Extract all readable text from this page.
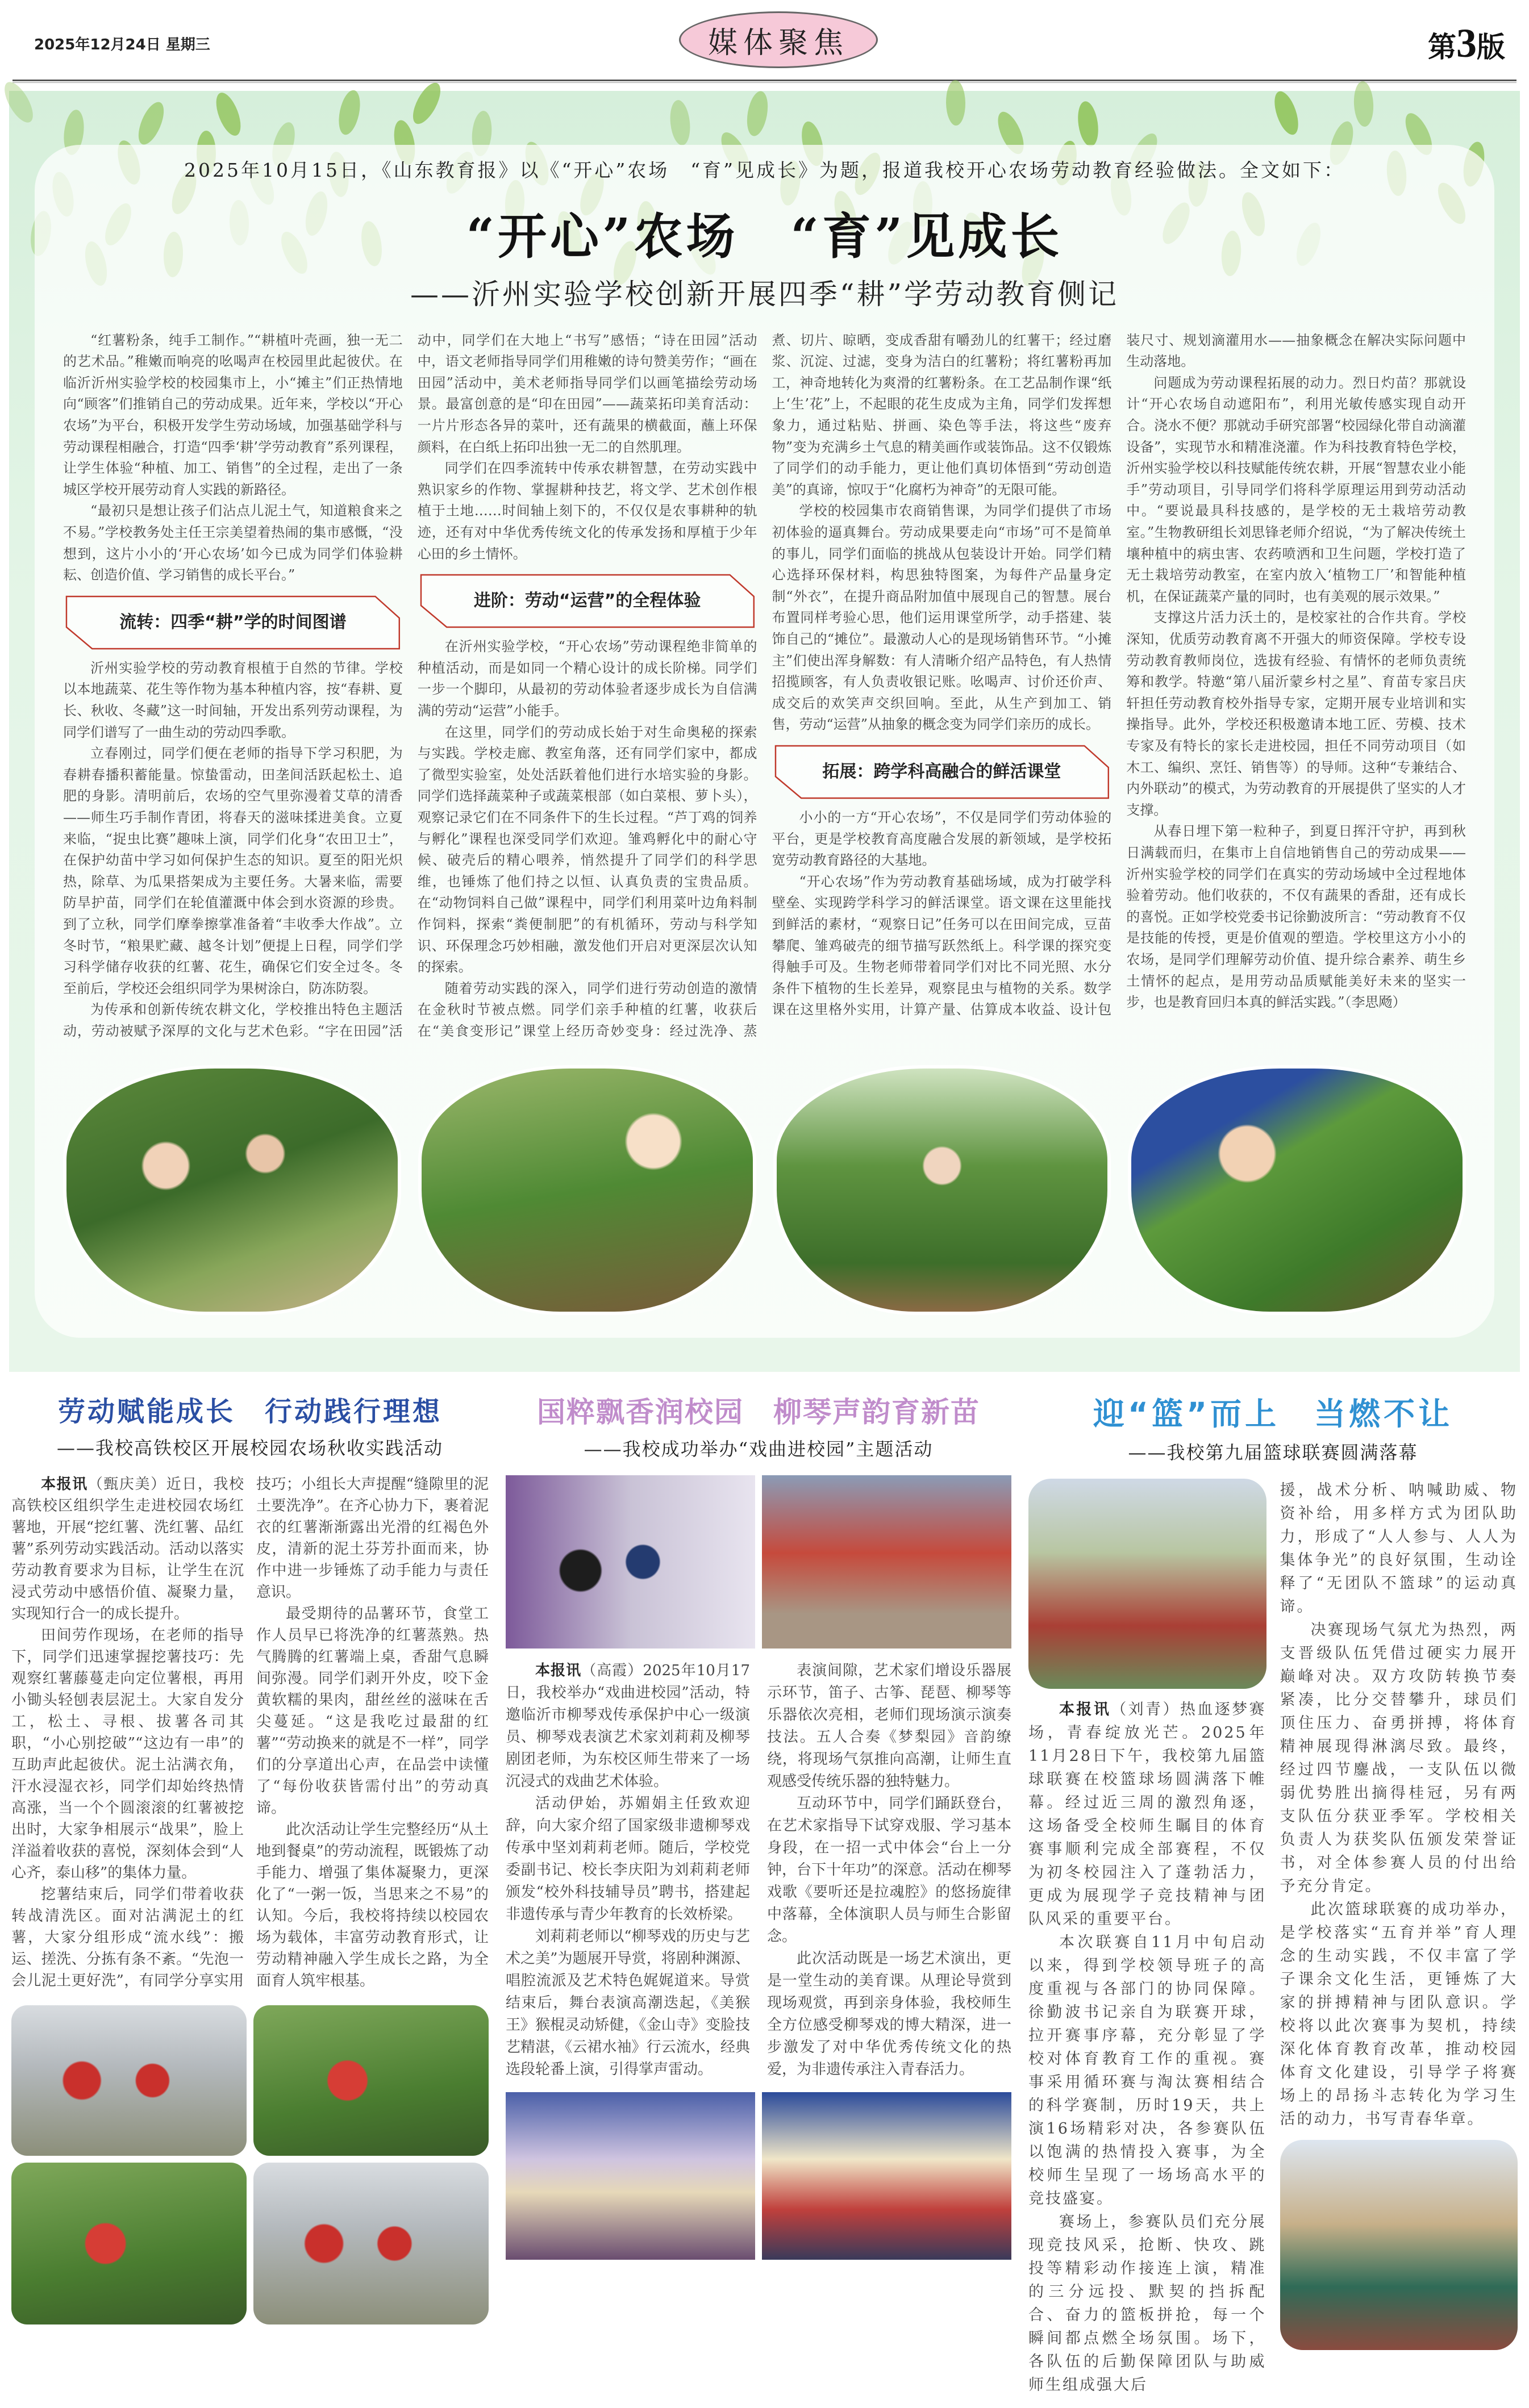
2025年12月24日 星期三	媒体聚焦	第3版
2025年10月15日，《山东教育报》以《“开心”农场　“育”见成长》为题，报道我校开心农场劳动教育经验做法。全文如下：
“开心”农场　“育”见成长
——沂州实验学校创新开展四季“耕”学劳动教育侧记

“红薯粉条，纯手工制作。”“耕植叶壳画，独一无二的艺术品。”稚嫩而响亮的吆喝声在校园里此起彼伏。在临沂沂州实验学校的校园集市上，小“摊主”们正热情地向“顾客”们推销自己的劳动成果。近年来，学校以“开心农场”为平台，积极开发学生劳动场域，加强基础学科与劳动课程相融合，打造“四季‘耕’学劳动教育”系列课程，让学生体验“种植、加工、销售”的全过程，走出了一条城区学校开展劳动育人实践的新路径。

“最初只是想让孩子们沾点儿泥土气，知道粮食来之不易。”学校教务处主任王宗美望着热闹的集市感慨，“没想到，这片小小的‘开心农场’如今已成为同学们体验耕耘、创造价值、学习销售的成长平台。”

流转：四季“耕”学的时间图谱

沂州实验学校的劳动教育根植于自然的节律。学校以本地蔬菜、花生等作物为基本种植内容，按“春耕、夏长、秋收、冬藏”这一时间轴，开发出系列劳动课程，为同学们谱写了一曲生动的劳动四季歌。

立春刚过，同学们便在老师的指导下学习积肥，为春耕春播积蓄能量。惊蛰雷动，田垄间活跃起松土、追肥的身影。清明前后，农场的空气里弥漫着艾草的清香——师生巧手制作青团，将春天的滋味揉进美食。立夏来临，“捉虫比赛”趣味上演，同学们化身“农田卫士”，在保护幼苗中学习如何保护生态的知识。夏至的阳光炽热，除草、为瓜果搭架成为主要任务。大暑来临，需要防旱护苗，同学们在轮值灌溉中体会到水资源的珍贵。到了立秋，同学们摩拳擦掌准备着“丰收季大作战”。立冬时节，“粮果贮藏、越冬计划”便提上日程，同学们学习科学储存收获的红薯、花生，确保它们安全过冬。冬至前后，学校还会组织同学为果树涂白，防冻防裂。

为传承和创新传统农耕文化，学校推出特色主题活动，劳动被赋予深厚的文化与艺术色彩。“字在田园”活动中，同学们在大地上“书写”感悟；“诗在田园”活动中，语文老师指导同学们用稚嫩的诗句赞美劳作；“画在田园”活动中，美术老师指导同学们以画笔描绘劳动场景。最富创意的是“印在田园”——蔬菜拓印美育活动：一片片形态各异的菜叶，还有蔬果的横截面，蘸上环保颜料，在白纸上拓印出独一无二的自然肌理。

同学们在四季流转中传承农耕智慧，在劳动实践中熟识家乡的作物、掌握耕种技艺，将文学、艺术创作根植于土地……时间轴上刻下的，不仅仅是农事耕种的轨迹，还有对中华优秀传统文化的传承发扬和厚植于少年心田的乡土情怀。

进阶：劳动“运营”的全程体验

在沂州实验学校，“开心农场”劳动课程绝非简单的种植活动，而是如同一个精心设计的成长阶梯。同学们一步一个脚印，从最初的劳动体验者逐步成长为自信满满的劳动“运营”小能手。

在这里，同学们的劳动成长始于对生命奥秘的探索与实践。学校走廊、教室角落，还有同学们家中，都成了微型实验室，处处活跃着他们进行水培实验的身影。同学们选择蔬菜种子或蔬菜根部（如白菜根、萝卜头），观察记录它们在不同条件下的生长过程。“芦丁鸡的饲养与孵化”课程也深受同学们欢迎。雏鸡孵化中的耐心守候、破壳后的精心喂养，悄然提升了同学们的科学思维，也锤炼了他们持之以恒、认真负责的宝贵品质。在“动物饲料自己做”课程中，同学们利用菜叶边角料制作饲料，探索“粪便制肥”的有机循环，劳动与科学知识、环保理念巧妙相融，激发他们开启对更深层次认知的探索。

随着劳动实践的深入，同学们进行劳动创造的激情在金秋时节被点燃。同学们亲手种植的红薯，收获后在“美食变形记”课堂上经历奇妙变身：经过洗净、蒸煮、切片、晾晒，变成香甜有嚼劲儿的红薯干；经过磨浆、沉淀、过滤，变身为洁白的红薯粉；将红薯粉再加工，神奇地转化为爽滑的红薯粉条。在工艺品制作课“纸上‘生’花”上，不起眼的花生皮成为主角，同学们发挥想象力，通过粘贴、拼画、染色等手法，将这些“废弃物”变为充满乡土气息的精美画作或装饰品。这不仅锻炼了同学们的动手能力，更让他们真切体悟到“劳动创造美”的真谛，惊叹于“化腐朽为神奇”的无限可能。

学校的校园集市农商销售课，为同学们提供了市场初体验的逼真舞台。劳动成果要走向“市场”可不是简单的事儿，同学们面临的挑战从包装设计开始。同学们精心选择环保材料，构思独特图案，为每件产品量身定制“外衣”，在提升商品附加值中展现自己的智慧。展台布置同样考验心思，他们运用课堂所学，动手搭建、装饰自己的“摊位”。最激动人心的是现场销售环节。“小摊主”们使出浑身解数：有人清晰介绍产品特色，有人热情招揽顾客，有人负责收银记账。吆喝声、讨价还价声、成交后的欢笑声交织回响。至此，从生产到加工、销售，劳动“运营”从抽象的概念变为同学们亲历的成长。

拓展：跨学科高融合的鲜活课堂

小小的一方“开心农场”，不仅是同学们劳动体验的平台，更是学校教育高度融合发展的新领域，是学校拓宽劳动教育路径的大基地。

“开心农场”作为劳动教育基础场域，成为打破学科壁垒、实现跨学科学习的鲜活课堂。语文课在这里能找到鲜活的素材，“观察日记”任务可以在田间完成，豆苗攀爬、雏鸡破壳的细节描写跃然纸上。科学课的探究变得触手可及。生物老师带着同学们对比不同光照、水分条件下植物的生长差异，观察昆虫与植物的关系。数学课在这里格外实用，计算产量、估算成本收益、设计包装尺寸、规划滴灌用水——抽象概念在解决实际问题中生动落地。

问题成为劳动课程拓展的动力。烈日灼苗？那就设计“开心农场自动遮阳布”，利用光敏传感实现自动开合。浇水不便？那就动手研究部署“校园绿化带自动滴灌设备”，实现节水和精准浇灌。作为科技教育特色学校，沂州实验学校以科技赋能传统农耕，开展“智慧农业小能手”劳动项目，引导同学们将科学原理运用到劳动活动中。“要说最具科技感的，是学校的无土栽培劳动教室。”生物教研组长刘思锋老师介绍说，“为了解决传统土壤种植中的病虫害、农药喷洒和卫生问题，学校打造了无土栽培劳动教室，在室内放入‘植物工厂’和智能种植机，在保证蔬菜产量的同时，也有美观的展示效果。”

支撑这片活力沃土的，是校家社的合作共育。学校深知，优质劳动教育离不开强大的师资保障。学校专设劳动教育教师岗位，选拔有经验、有情怀的老师负责统筹和教学。特邀“第八届沂蒙乡村之星”、育苗专家吕庆轩担任劳动教育校外指导专家，定期开展专业培训和实操指导。此外，学校还积极邀请本地工匠、劳模、技术专家及有特长的家长走进校园，担任不同劳动项目（如木工、编织、烹饪、销售等）的导师。这种“专兼结合、内外联动”的模式，为劳动教育的开展提供了坚实的人才支撑。

从春日埋下第一粒种子，到夏日挥汗守护，再到秋日满载而归，在集市上自信地销售自己的劳动成果——沂州实验学校的同学们在真实的劳动场域中全过程地体验着劳动。他们收获的，不仅有蔬果的香甜，还有成长的喜悦。正如学校党委书记徐勤波所言：“劳动教育不仅是技能的传授，更是价值观的塑造。学校里这方小小的农场，是同学们理解劳动价值、提升综合素养、萌生乡土情怀的起点，是用劳动品质赋能美好未来的坚实一步，也是教育回归本真的鲜活实践。”（李思飏）

劳动赋能成长　行动践行理想
——我校高铁校区开展校园农场秋收实践活动

本报讯（甄庆美）近日，我校高铁校区组织学生走进校园农场红薯地，开展“挖红薯、洗红薯、品红薯”系列劳动实践活动。活动以落实劳动教育要求为目标，让学生在沉浸式劳动中感悟价值、凝聚力量，实现知行合一的成长提升。

田间劳作现场，在老师的指导下，同学们迅速掌握挖薯技巧：先观察红薯藤蔓走向定位薯根，再用小锄头轻刨表层泥土。大家自发分工，松土、寻根、拔薯各司其职，“小心别挖破”“这边有一串”的互助声此起彼伏。泥土沾满衣角，汗水浸湿衣衫，同学们却始终热情高涨，当一个个圆滚滚的红薯被挖出时，大家争相展示“战果”，脸上洋溢着收获的喜悦，深刻体会到“人心齐，泰山移”的集体力量。

挖薯结束后，同学们带着收获转战清洗区。面对沾满泥土的红薯，大家分组形成“流水线”：搬运、搓洗、分拣有条不紊。“先泡一会儿泥土更好洗”，有同学分享实用技巧；小组长大声提醒“缝隙里的泥土要洗净”。在齐心协力下，裹着泥衣的红薯渐渐露出光滑的红褐色外皮，清新的泥土芬芳扑面而来，协作中进一步锤炼了动手能力与责任意识。

最受期待的品薯环节，食堂工作人员早已将洗净的红薯蒸熟。热气腾腾的红薯端上桌，香甜气息瞬间弥漫。同学们剥开外皮，咬下金黄软糯的果肉，甜丝丝的滋味在舌尖蔓延。“这是我吃过最甜的红薯”“劳动换来的就是不一样”，同学们的分享道出心声，在品尝中读懂了“每份收获皆需付出”的劳动真谛。

此次活动让学生完整经历“从土地到餐桌”的劳动流程，既锻炼了动手能力、增强了集体凝聚力，更深化了“一粥一饭，当思来之不易”的认知。今后，我校将持续以校园农场为载体，丰富劳动教育形式，让劳动精神融入学生成长之路，为全面育人筑牢根基。

国粹飘香润校园　柳琴声韵育新苗
——我校成功举办“戏曲进校园”主题活动

本报讯（高霞）2025年10月17日，我校举办“戏曲进校园”活动，特邀临沂市柳琴戏传承保护中心一级演员、柳琴戏表演艺术家刘莉莉及柳琴剧团老师，为东校区师生带来了一场沉浸式的戏曲艺术体验。

活动伊始，苏媚娟主任致欢迎辞，向大家介绍了国家级非遗柳琴戏传承中坚刘莉莉老师。随后，学校党委副书记、校长李庆阳为刘莉莉老师颁发“校外科技辅导员”聘书，搭建起非遗传承与青少年教育的长效桥梁。

刘莉莉老师以“柳琴戏的历史与艺术之美”为题展开导赏，将剧种渊源、唱腔流派及艺术特色娓娓道来。导赏结束后，舞台表演高潮迭起，《美猴王》猴棍灵动矫健，《金山寺》变脸技艺精湛，《云裙水袖》行云流水，经典选段轮番上演，引得掌声雷动。

表演间隙，艺术家们增设乐器展示环节，笛子、古筝、琵琶、柳琴等乐器依次亮相，老师们现场演示演奏技法。五人合奏《梦梨园》音韵缭绕，将现场气氛推向高潮，让师生直观感受传统乐器的独特魅力。

互动环节中，同学们踊跃登台，在艺术家指导下试穿戏服、学习基本身段，在一招一式中体会“台上一分钟，台下十年功”的深意。活动在柳琴戏歌《要听还是拉魂腔》的悠扬旋律中落幕，全体演职人员与师生合影留念。

此次活动既是一场艺术演出，更是一堂生动的美育课。从理论导赏到现场观赏，再到亲身体验，我校师生全方位感受柳琴戏的博大精深，进一步激发了对中华优秀传统文化的热爱，为非遗传承注入青春活力。

迎“篮”而上　当燃不让
——我校第九届篮球联赛圆满落幕

本报讯（刘青）热血逐梦赛场，青春绽放光芒。2025年11月28日下午，我校第九届篮球联赛在校篮球场圆满落下帷幕。经过近三周的激烈角逐，这场备受全校师生瞩目的体育赛事顺利完成全部赛程，不仅为初冬校园注入了蓬勃活力，更成为展现学子竞技精神与团队风采的重要平台。

本次联赛自11月中旬启动以来，得到学校领导班子的高度重视与各部门的协同保障。徐勤波书记亲自为联赛开球，拉开赛事序幕，充分彰显了学校对体育教育工作的重视。赛事采用循环赛与淘汰赛相结合的科学赛制，历时19天，共上演16场精彩对决，各参赛队伍以饱满的热情投入赛事，为全校师生呈现了一场场高水平的竞技盛宴。

赛场上，参赛队员们充分展现竞技风采，抢断、快攻、跳投等精彩动作接连上演，精准的三分远投、默契的挡拆配合、奋力的篮板拼抢，每一个瞬间都点燃全场氛围。场下，各队伍的后勤保障团队与助威师生组成强大后

援，战术分析、呐喊助威、物资补给，用多样方式为团队助力，形成了“人人参与、人人为集体争光”的良好氛围，生动诠释了“无团队不篮球”的运动真谛。

决赛现场气氛尤为热烈，两支晋级队伍凭借过硬实力展开巅峰对决。双方攻防转换节奏紧凑，比分交替攀升，球员们顶住压力、奋勇拼搏，将体育精神展现得淋漓尽致。最终，经过四节鏖战，一支队伍以微弱优势胜出摘得桂冠，另有两支队伍分获亚季军。学校相关负责人为获奖队伍颁发荣誉证书，对全体参赛人员的付出给予充分肯定。

此次篮球联赛的成功举办，是学校落实“五育并举”育人理念的生动实践，不仅丰富了学子课余文化生活，更锤炼了大家的拼搏精神与团队意识。学校将以此次赛事为契机，持续深化体育教育改革，推动校园体育文化建设，引导学子将赛场上的昂扬斗志转化为学习生活的动力，书写青春华章。
